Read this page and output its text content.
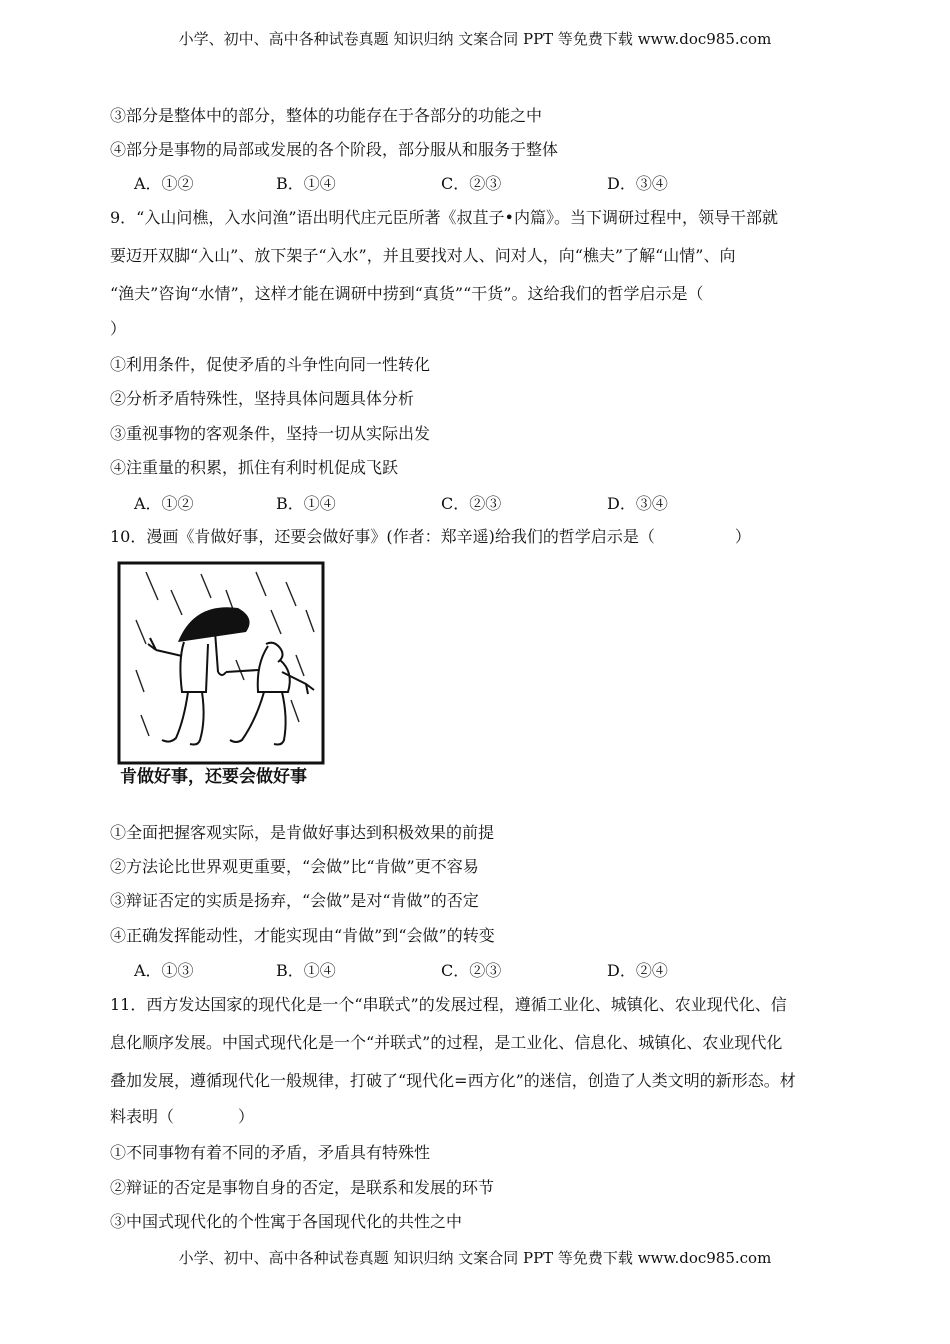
小学、初中、高中各种试卷真题 知识归纳 文案合同 PPT 等免费下载 www.doc985.com
③部分是整体中的部分，整体的功能存在于各部分的功能之中
④部分是事物的局部或发展的各个阶段，部分服从和服务于整体
A．①②	B．①④	C．②③	D．③④
9．“入山问樵，入水问渔”语出明代庄元臣所著《叔苴子•内篇》。当下调研过程中，领导干部就
要迈开双脚“入山”、放下架子“入水”，并且要找对人、问对人，向“樵夫”了解“山情”、向
“渔夫”咨询“水情”，这样才能在调研中捞到“真货”“干货”。这给我们的哲学启示是（
）
①利用条件，促使矛盾的斗争性向同一性转化
②分析矛盾特殊性，坚持具体问题具体分析
③重视事物的客观条件，坚持一切从实际出发
④注重量的积累，抓住有利时机促成飞跃
A．①②	B．①④	C．②③	D．③④
10．漫画《肯做好事，还要会做好事》(作者：郑辛遥)给我们的哲学启示是（　　　　　）
肯做好事，还要会做好事
①全面把握客观实际，是肯做好事达到积极效果的前提
②方法论比世界观更重要，“会做”比“肯做”更不容易
③辩证否定的实质是扬弃，“会做”是对“肯做”的否定
④正确发挥能动性，才能实现由“肯做”到“会做”的转变
A．①③	B．①④	C．②③	D．②④
11．西方发达国家的现代化是一个“串联式”的发展过程，遵循工业化、城镇化、农业现代化、信
息化顺序发展。中国式现代化是一个“并联式”的过程，是工业化、信息化、城镇化、农业现代化
叠加发展，遵循现代化一般规律，打破了“现代化=西方化”的迷信，创造了人类文明的新形态。材
料表明（　　　　）
①不同事物有着不同的矛盾，矛盾具有特殊性
②辩证的否定是事物自身的否定，是联系和发展的环节
③中国式现代化的个性寓于各国现代化的共性之中
小学、初中、高中各种试卷真题 知识归纳 文案合同 PPT 等免费下载 www.doc985.com
